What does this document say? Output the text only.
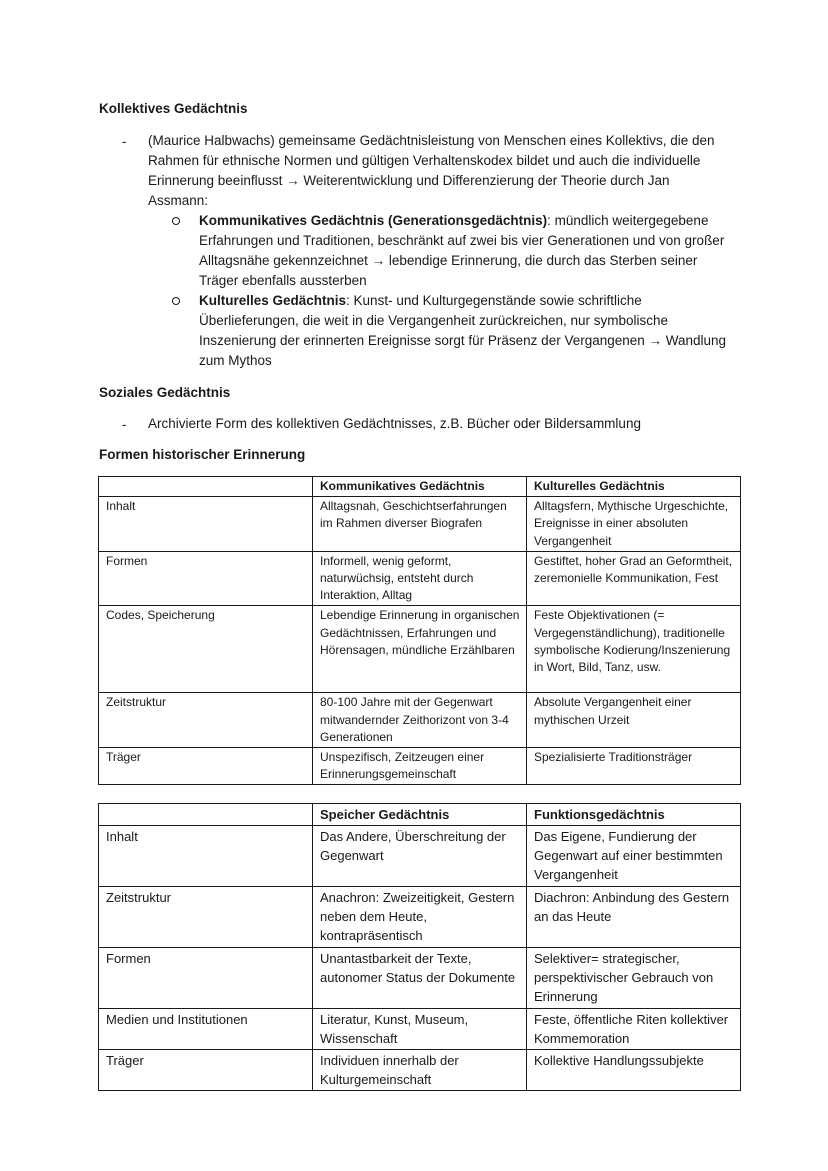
Kollektives Gedächtnis
- (Maurice Halbwachs) gemeinsame Gedächtnisleistung von Menschen eines Kollektivs, die den Rahmen für ethnische Normen und gültigen Verhaltenskodex bildet und auch die individuelle Erinnerung beeinflusst → Weiterentwicklung und Differenzierung der Theorie durch Jan Assmann:

Kommunikatives Gedächtnis (Generationsgedächtnis): mündlich weitergegebene Erfahrungen und Traditionen, beschränkt auf zwei bis vier Generationen und von großer Alltagsnähe gekennzeichnet → lebendige Erinnerung, die durch das Sterben seiner Träger ebenfalls aussterben

Kulturelles Gedächtnis: Kunst- und Kulturgegenstände sowie schriftliche Überlieferungen, die weit in die Vergangenheit zurückreichen, nur symbolische Inszenierung der erinnerten Ereignisse sorgt für Präsenz der Vergangenen → Wandlung zum Mythos

Soziales Gedächtnis
- Archivierte Form des kollektiven Gedächtnisses, z.B. Bücher oder Bildersammlung

Formen historischer Erinnerung
	Kommunikatives Gedächtnis	Kulturelles Gedächtnis
Inhalt	Alltagsnah, Geschichtserfahrungen im Rahmen diverser Biografen	Alltagsfern, Mythische Urgeschichte, Ereignisse in einer absoluten Vergangenheit
Formen	Informell, wenig geformt, naturwüchsig, entsteht durch Interaktion, Alltag	Gestiftet, hoher Grad an Geformtheit, zeremonielle Kommunikation, Fest
Codes, Speicherung	Lebendige Erinnerung in organischen Gedächtnissen, Erfahrungen und Hörensagen, mündliche Erzählbaren	Feste Objektivationen (= Vergegenständlichung), traditionelle symbolische Kodierung/Inszenierung in Wort, Bild, Tanz, usw.
Zeitstruktur	80-100 Jahre mit der Gegenwart mitwandernder Zeithorizont von 3-4 Generationen	Absolute Vergangenheit einer mythischen Urzeit
Träger	Unspezifisch, Zeitzeugen einer Erinnerungsgemeinschaft	Spezialisierte Traditionsträger
	Speicher Gedächtnis	Funktionsgedächtnis
Inhalt	Das Andere, Überschreitung der Gegenwart	Das Eigene, Fundierung der Gegenwart auf einer bestimmten Vergangenheit
Zeitstruktur	Anachron: Zweizeitigkeit, Gestern neben dem Heute, kontrapräsentisch	Diachron: Anbindung des Gestern an das Heute
Formen	Unantastbarkeit der Texte, autonomer Status der Dokumente	Selektiver= strategischer, perspektivischer Gebrauch von Erinnerung
Medien und Institutionen	Literatur, Kunst, Museum, Wissenschaft	Feste, öffentliche Riten kollektiver Kommemoration
Träger	Individuen innerhalb der Kulturgemeinschaft	Kollektive Handlungssubjekte
